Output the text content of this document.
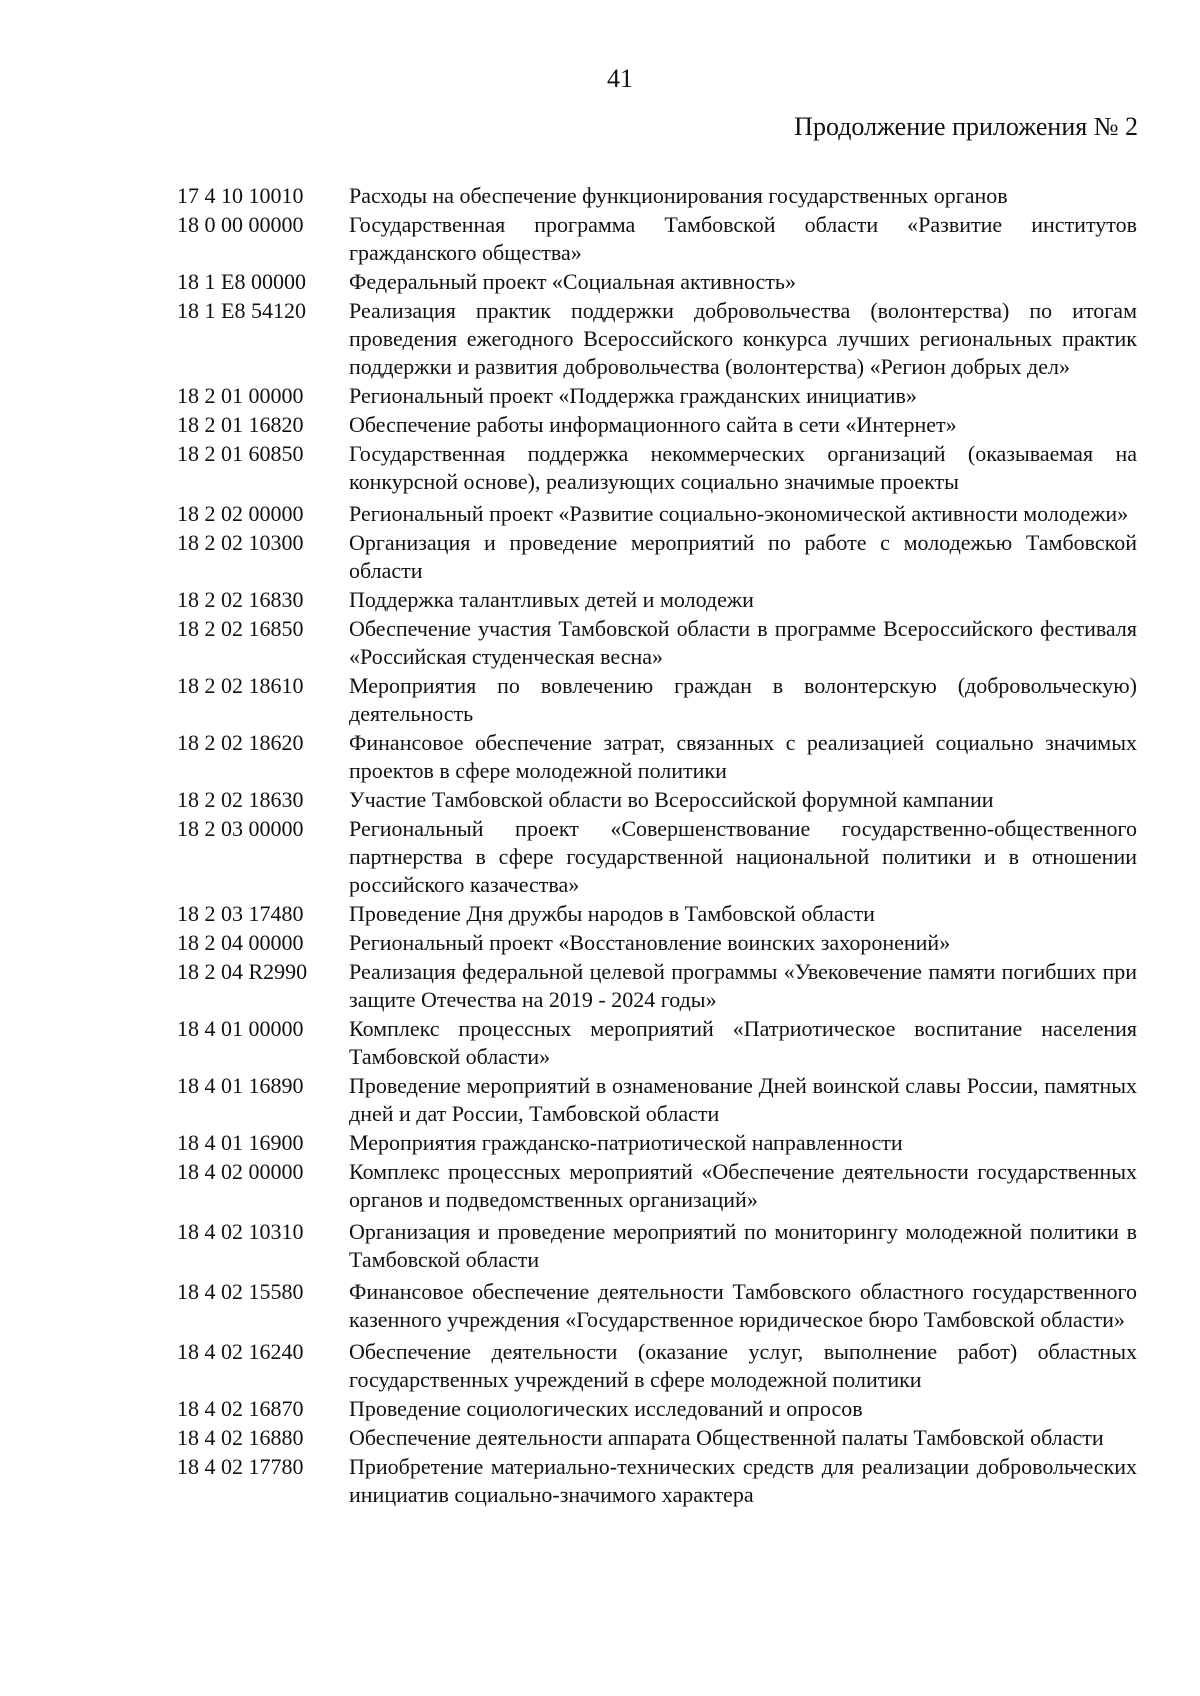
41
Продолжение приложения № 2
17 4 10 10010	Расходы на обеспечение функционирования государственных органов
18 0 00 00000	Государственная программа Тамбовской области «Развитие институтов гражданского общества»
18 1 E8 00000	Федеральный проект «Социальная активность»
18 1 E8 54120	Реализация практик поддержки добровольчества (волонтерства) по итогам проведения ежегодного Всероссийского конкурса лучших региональных практик поддержки и развития добровольчества (волонтерства) «Регион добрых дел»
18 2 01 00000	Региональный проект «Поддержка гражданских инициатив»
18 2 01 16820	Обеспечение работы информационного сайта в сети «Интернет»
18 2 01 60850	Государственная поддержка некоммерческих организаций (оказываемая на конкурсной основе), реализующих социально значимые проекты
18 2 02 00000	Региональный проект «Развитие социально-экономической активности молодежи»
18 2 02 10300	Организация и проведение мероприятий по работе с молодежью Тамбовской области
18 2 02 16830	Поддержка талантливых детей и молодежи
18 2 02 16850	Обеспечение участия Тамбовской области в программе Всероссийского фестиваля «Российская студенческая весна»
18 2 02 18610	Мероприятия по вовлечению граждан в волонтерскую (добровольческую) деятельность
18 2 02 18620	Финансовое обеспечение затрат, связанных с реализацией социально значимых проектов в сфере молодежной политики
18 2 02 18630	Участие Тамбовской области во Всероссийской форумной кампании
18 2 03 00000	Региональный проект «Совершенствование государственно-общественного партнерства в сфере государственной национальной политики и в отношении российского казачества»
18 2 03 17480	Проведение Дня дружбы народов в Тамбовской области
18 2 04 00000	Региональный проект «Восстановление воинских захоронений»
18 2 04 R2990	Реализация федеральной целевой программы «Увековечение памяти погибших при защите Отечества на 2019 - 2024 годы»
18 4 01 00000	Комплекс процессных мероприятий «Патриотическое воспитание населения Тамбовской области»
18 4 01 16890	Проведение мероприятий в ознаменование Дней воинской славы России, памятных дней и дат России, Тамбовской области
18 4 01 16900	Мероприятия гражданско-патриотической направленности
18 4 02 00000	Комплекс процессных мероприятий «Обеспечение деятельности государственных органов и подведомственных организаций»
18 4 02 10310	Организация и проведение мероприятий по мониторингу молодежной политики в Тамбовской области
18 4 02 15580	Финансовое обеспечение деятельности Тамбовского областного государственного казенного учреждения «Государственное юридическое бюро Тамбовской области»
18 4 02 16240	Обеспечение деятельности (оказание услуг, выполнение работ) областных государственных учреждений в сфере молодежной политики
18 4 02 16870	Проведение социологических исследований и опросов
18 4 02 16880	Обеспечение деятельности аппарата Общественной палаты Тамбовской области
18 4 02 17780	Приобретение материально-технических средств для реализации добровольческих инициатив социально-значимого характера
